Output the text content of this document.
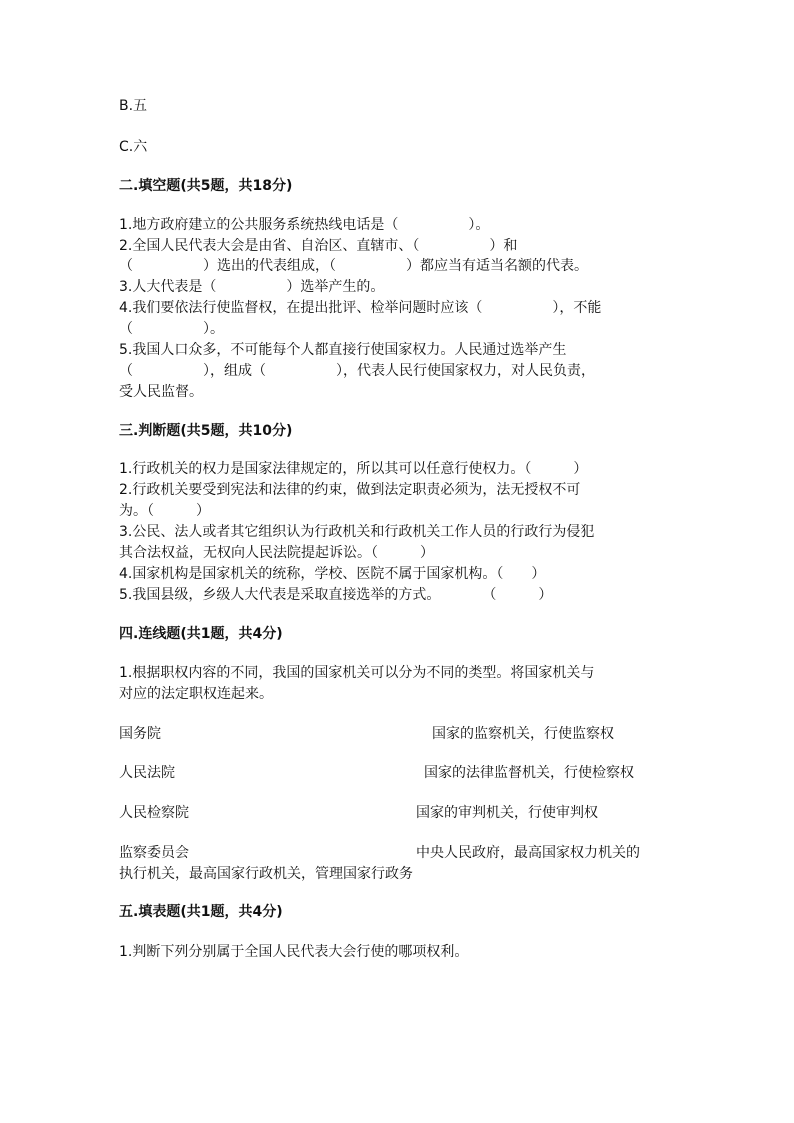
B.五
C.六
二.填空题(共5题，共18分)
1.地方政府建立的公共服务系统热线电话是（　　　　　）。
2.全国人民代表大会是由省、自治区、直辖市、（　　　　　）和
（　　　　　）选出的代表组成，（　　　　　）都应当有适当名额的代表。
3.人大代表是（　　　　　）选举产生的。
4.我们要依法行使监督权，在提出批评、检举问题时应该（　　　　　），不能
（　　　　　）。
5.我国人口众多，不可能每个人都直接行使国家权力。人民通过选举产生
（　　　　　），组成（　　　　　），代表人民行使国家权力，对人民负责，
受人民监督。
三.判断题(共5题，共10分)
1.行政机关的权力是国家法律规定的，所以其可以任意行使权力。（　　　）
2.行政机关要受到宪法和法律的约束，做到法定职责必须为，法无授权不可
为。（　　　）
3.公民、法人或者其它组织认为行政机关和行政机关工作人员的行政行为侵犯
其合法权益，无权向人民法院提起诉讼。（　　　）
4.国家机构是国家机关的统称，学校、医院不属于国家机构。（　　）
5.我国县级，乡级人大代表是采取直接选举的方式。　　　　（　　　）
四.连线题(共1题，共4分)
1.根据职权内容的不同，我国的国家机关可以分为不同的类型。将国家机关与
对应的法定职权连起来。
国务院	国家的监察机关，行使监察权
人民法院	国家的法律监督机关，行使检察权
人民检察院	国家的审判机关，行使审判权
监察委员会	中央人民政府，最高国家权力机关的
执行机关，最高国家行政机关，管理国家行政务
五.填表题(共1题，共4分)
1.判断下列分别属于全国人民代表大会行使的哪项权利。
